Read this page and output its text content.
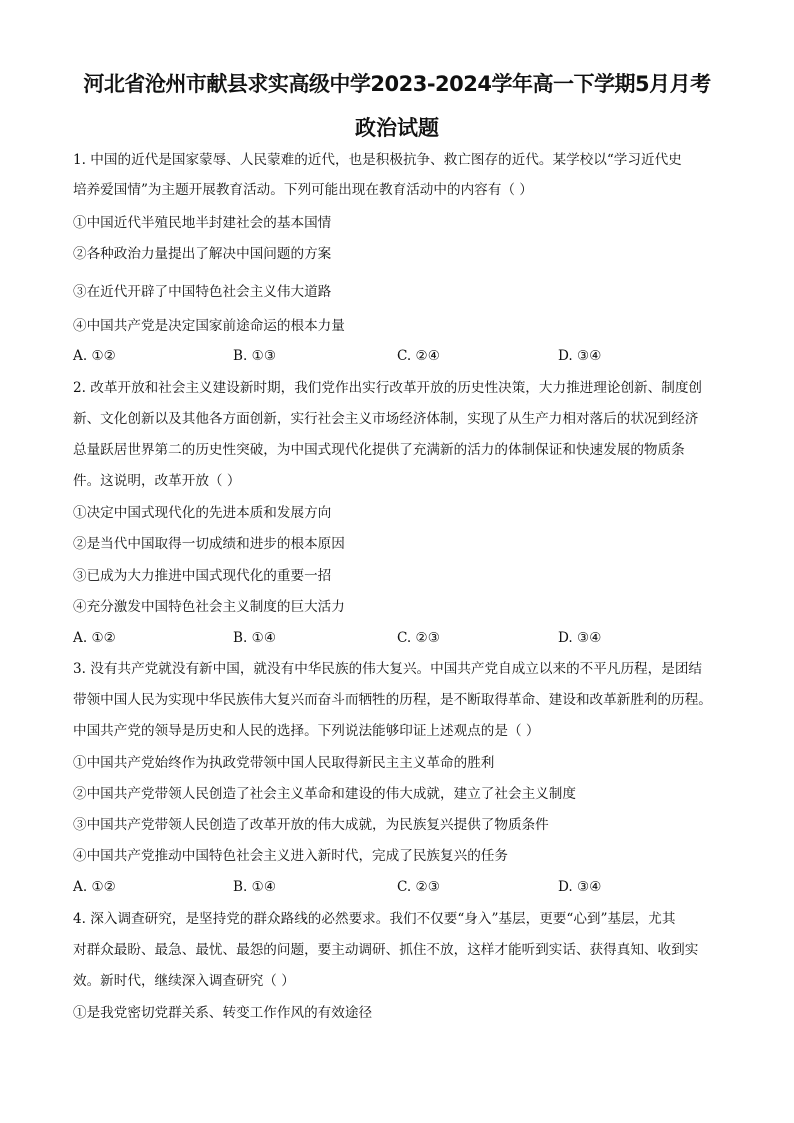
河北省沧州市献县求实高级中学2023-2024学年高一下学期5月月考
政治试题
1. 中国的近代是国家蒙辱、人民蒙难的近代，也是积极抗争、救亡图存的近代。某学校以“学习近代史
培养爱国情”为主题开展教育活动。下列可能出现在教育活动中的内容有（ ）
①中国近代半殖民地半封建社会的基本国情
②各种政治力量提出了解决中国问题的方案
③在近代开辟了中国特色社会主义伟大道路
④中国共产党是决定国家前途命运的根本力量
A. ①②	B. ①③	C. ②④	D. ③④
2. 改革开放和社会主义建设新时期，我们党作出实行改革开放的历史性决策，大力推进理论创新、制度创
新、文化创新以及其他各方面创新，实行社会主义市场经济体制，实现了从生产力相对落后的状况到经济
总量跃居世界第二的历史性突破，为中国式现代化提供了充满新的活力的体制保证和快速发展的物质条
件。这说明，改革开放（ ）
①决定中国式现代化的先进本质和发展方向
②是当代中国取得一切成绩和进步的根本原因
③已成为大力推进中国式现代化的重要一招
④充分激发中国特色社会主义制度的巨大活力
A. ①②	B. ①④	C. ②③	D. ③④
3. 没有共产党就没有新中国，就没有中华民族的伟大复兴。中国共产党自成立以来的不平凡历程，是团结
带领中国人民为实现中华民族伟大复兴而奋斗而牺牲的历程，是不断取得革命、建设和改革新胜利的历程。
中国共产党的领导是历史和人民的选择。下列说法能够印证上述观点的是（ ）
①中国共产党始终作为执政党带领中国人民取得新民主主义革命的胜利
②中国共产党带领人民创造了社会主义革命和建设的伟大成就，建立了社会主义制度
③中国共产党带领人民创造了改革开放的伟大成就，为民族复兴提供了物质条件
④中国共产党推动中国特色社会主义进入新时代，完成了民族复兴的任务
A. ①②	B. ①④	C. ②③	D. ③④
4. 深入调查研究，是坚持党的群众路线的必然要求。我们不仅要“身入”基层，更要“心到”基层，尤其
对群众最盼、最急、最忧、最怨的问题，要主动调研、抓住不放，这样才能听到实话、获得真知、收到实
效。新时代，继续深入调查研究（ ）
①是我党密切党群关系、转变工作作风的有效途径
